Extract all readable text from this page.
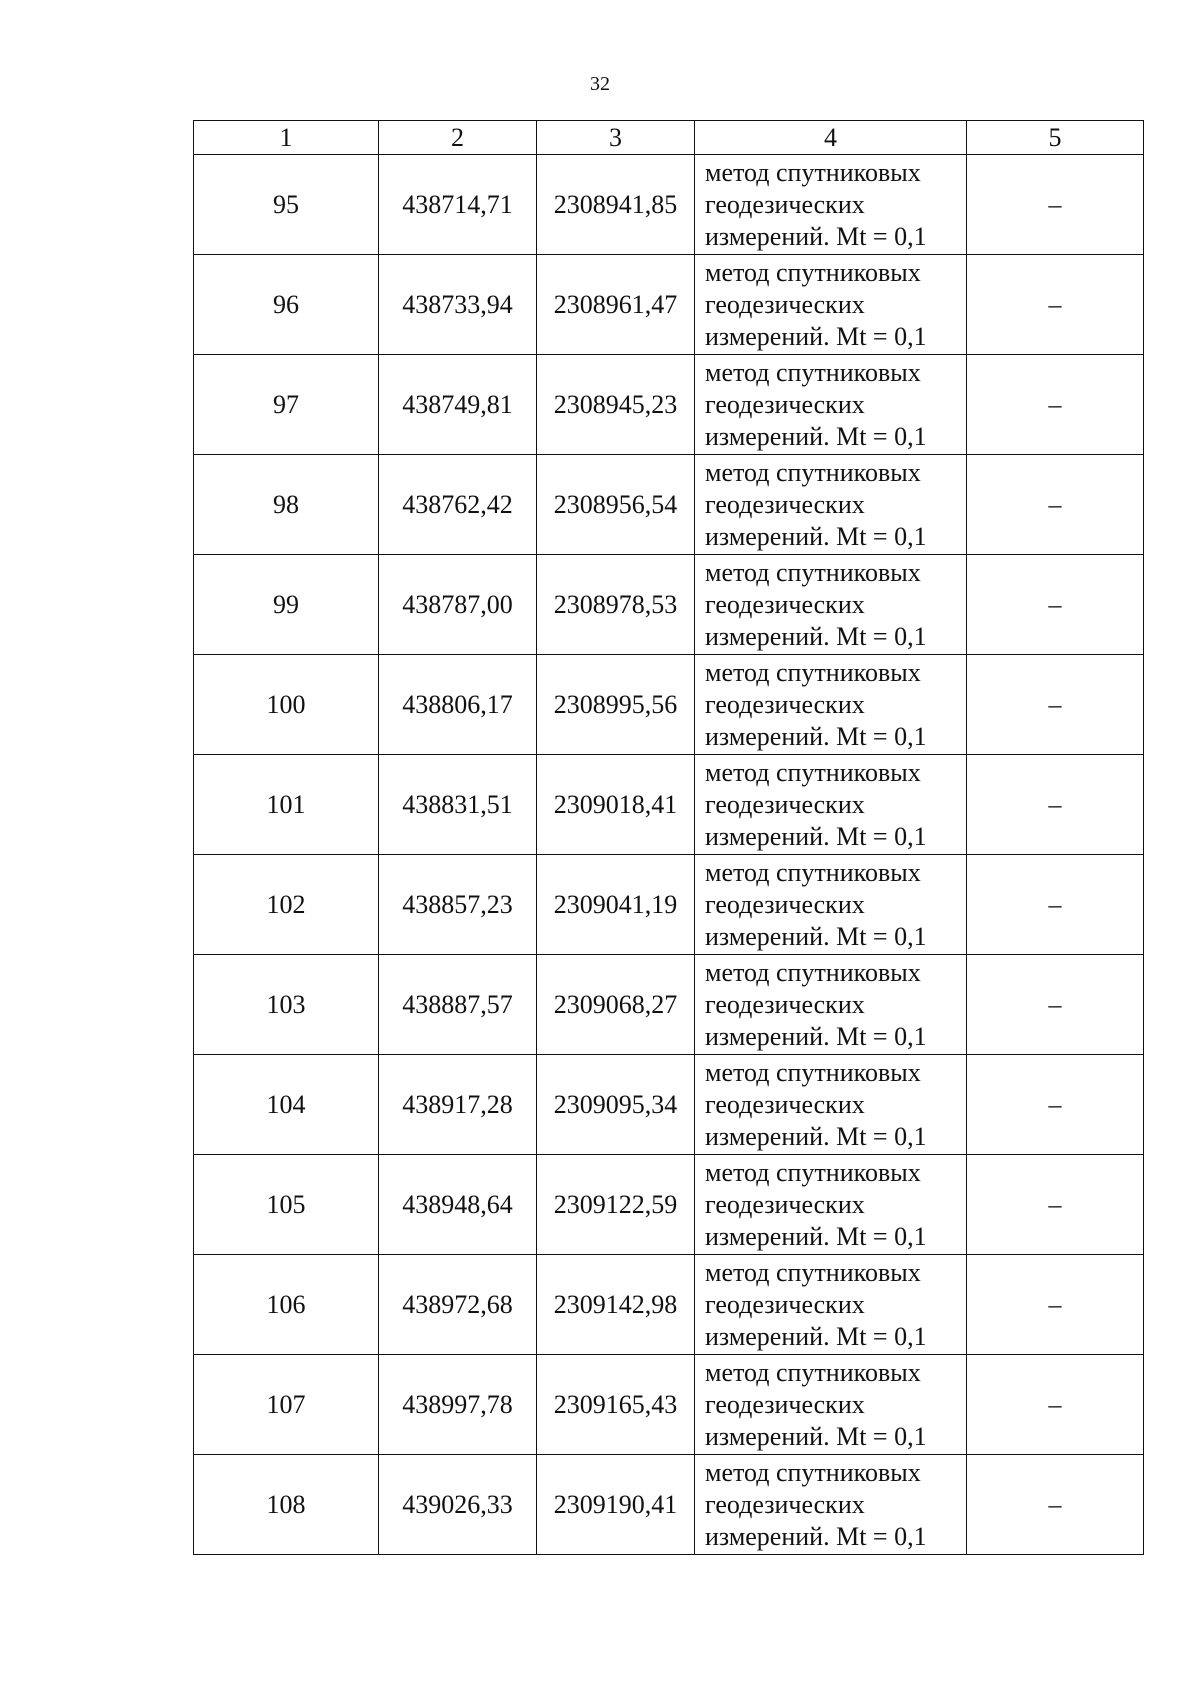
32
1	2	3	4	5
95	438714,71	2308941,85	метод спутниковых
геодезических
измерений. Mt = 0,1	–
96	438733,94	2308961,47	метод спутниковых
геодезических
измерений. Mt = 0,1	–
97	438749,81	2308945,23	метод спутниковых
геодезических
измерений. Mt = 0,1	–
98	438762,42	2308956,54	метод спутниковых
геодезических
измерений. Mt = 0,1	–
99	438787,00	2308978,53	метод спутниковых
геодезических
измерений. Mt = 0,1	–
100	438806,17	2308995,56	метод спутниковых
геодезических
измерений. Mt = 0,1	–
101	438831,51	2309018,41	метод спутниковых
геодезических
измерений. Mt = 0,1	–
102	438857,23	2309041,19	метод спутниковых
геодезических
измерений. Mt = 0,1	–
103	438887,57	2309068,27	метод спутниковых
геодезических
измерений. Mt = 0,1	–
104	438917,28	2309095,34	метод спутниковых
геодезических
измерений. Mt = 0,1	–
105	438948,64	2309122,59	метод спутниковых
геодезических
измерений. Mt = 0,1	–
106	438972,68	2309142,98	метод спутниковых
геодезических
измерений. Mt = 0,1	–
107	438997,78	2309165,43	метод спутниковых
геодезических
измерений. Mt = 0,1	–
108	439026,33	2309190,41	метод спутниковых
геодезических
измерений. Mt = 0,1	–
